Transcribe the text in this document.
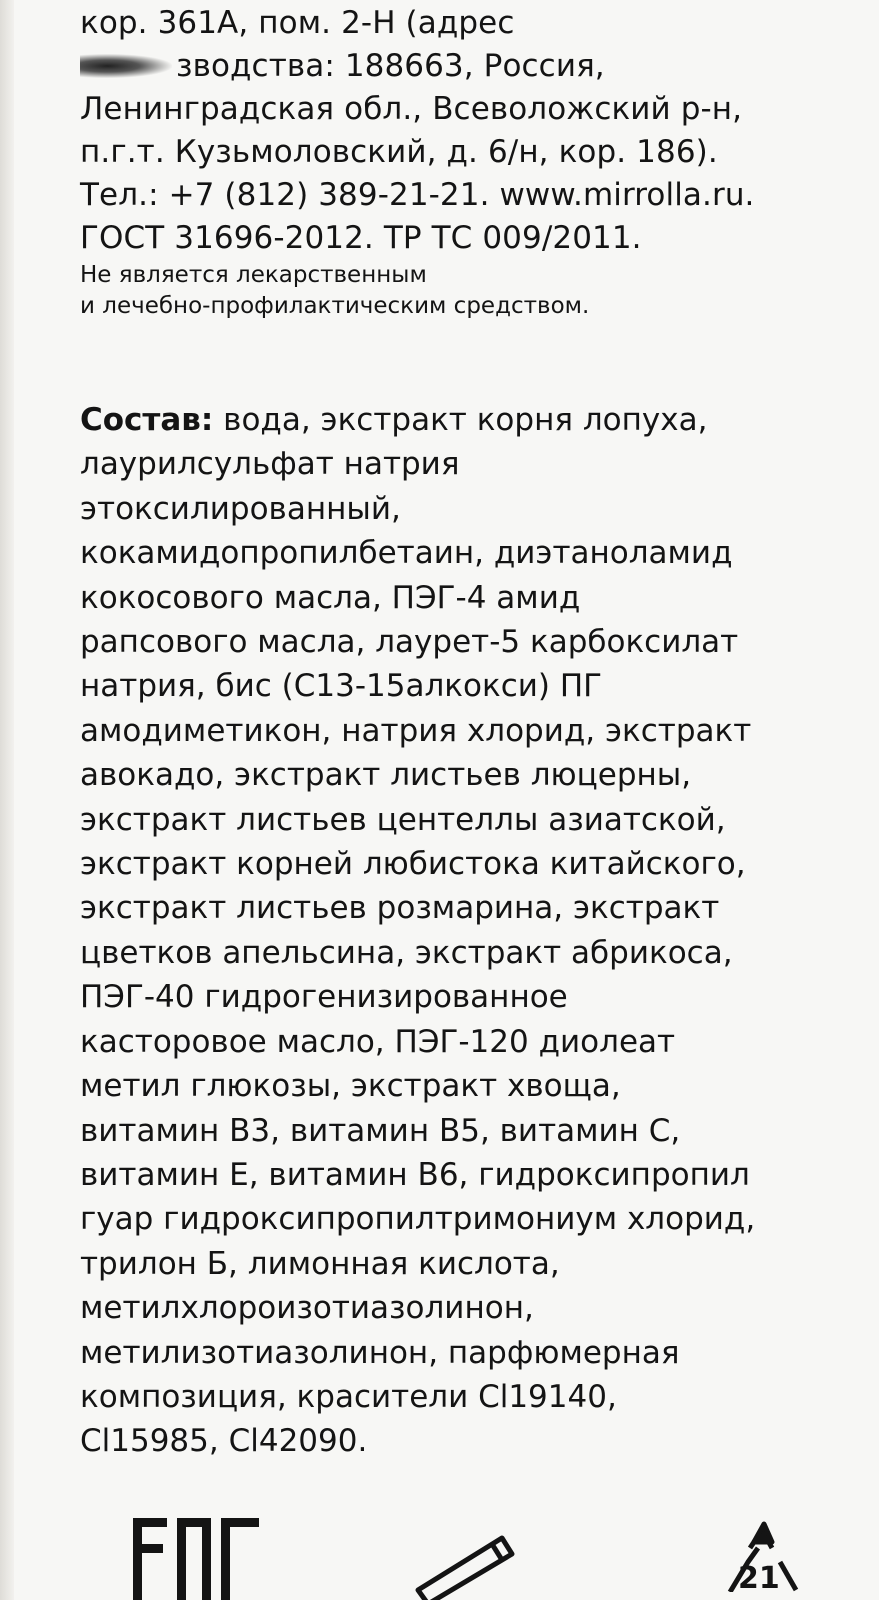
кор. 361А, пом. 2-Н (адрес
зводства: 188663, Россия,
Ленинградская обл., Всеволожский р-н,
п.г.т. Кузьмоловский, д. 6/н, кор. 186).
Тел.: +7 (812) 389-21-21. www.mirrolla.ru.
ГОСТ 31696-2012. ТР ТС 009/2011.
Не является лекарственным
и лечебно-профилактическим средством.
Состав: вода, экстракт корня лопуха,
лаурилсульфат натрия
этоксилированный,
кокамидопропилбетаин, диэтаноламид
кокосового масла, ПЭГ-4 амид
рапсового масла, лаурет-5 карбоксилат
натрия, бис (С13-15алкокси) ПГ
амодиметикон, натрия хлорид, экстракт
авокадо, экстракт листьев люцерны,
экстракт листьев центеллы азиатской,
экстракт корней любистока китайского,
экстракт листьев розмарина, экстракт
цветков апельсина, экстракт абрикоса,
ПЭГ-40 гидрогенизированное
касторовое масло, ПЭГ-120 диолеат
метил глюкозы, экстракт хвоща,
витамин В3, витамин В5, витамин С,
витамин Е, витамин В6, гидроксипропил
гуар гидроксипропилтримониум хлорид,
трилон Б, лимонная кислота,
метилхлороизотиазолинон,
метилизотиазолинон, парфюмерная
композиция, красители Сl19140,
Сl15985, Сl42090.
21
